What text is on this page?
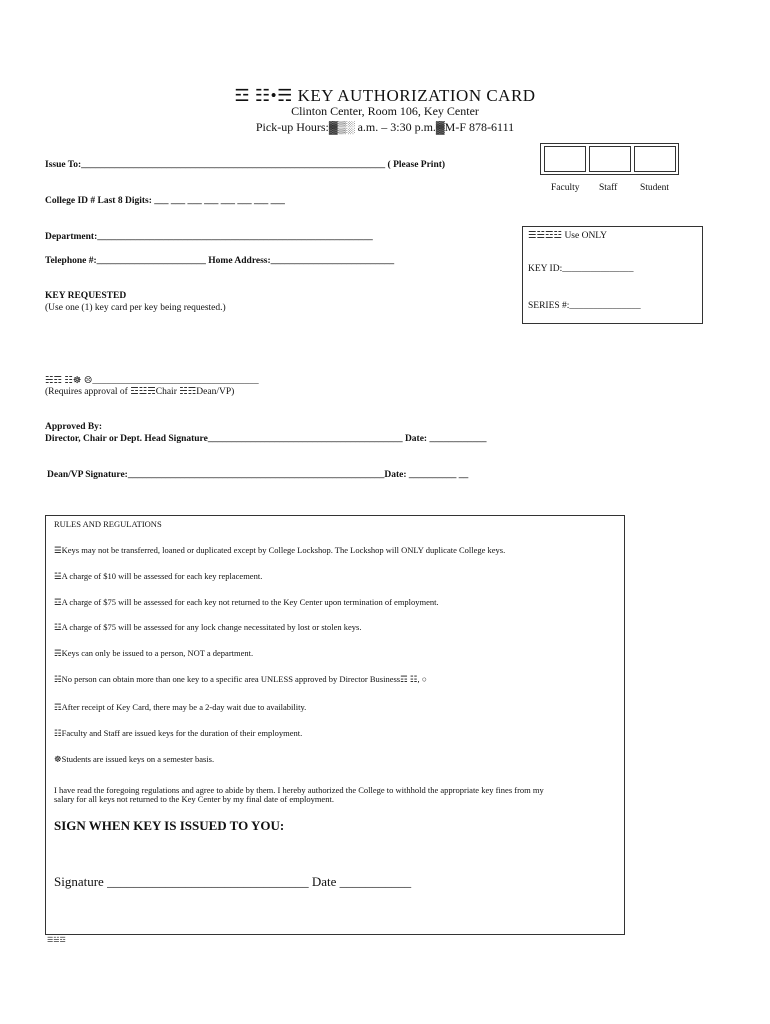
☲ ☷•☴ KEY AUTHORIZATION CARD
Clinton Center, Room 106, Key Center
Pick-up Hours:▓▒░ a.m. – 3:30 p.m.▓M-F 878-6111
Faculty Staff Student
Issue To:________________________________________________________________ ( Please Print)
College ID # Last 8 Digits: ___ ___ ___ ___ ___ ___ ___ ___
Department:__________________________________________________________
Telephone #:_______________________ Home Address:__________________________
KEY REQUESTED
(Use one (1) key card per key being requested.)
☰☱☲☳ Use ONLY
KEY ID:_______________
SERIES #:_______________
☵☶ ☷☸ ☹___________________________________
(Requires approval of ☲☳☴Chair ☵☶Dean/VP)
Approved By:
Director, Chair or Dept. Head Signature_________________________________________ Date: ____________
Dean/VP Signature:______________________________________________________Date: __________ __
RULES AND REGULATIONS
☰Keys may not be transferred, loaned or duplicated except by College Lockshop. The Lockshop will ONLY duplicate College keys.
☱A charge of $10 will be assessed for each key replacement.
☲A charge of $75 will be assessed for each key not returned to the Key Center upon termination of employment.
☳A charge of $75 will be assessed for any lock change necessitated by lost or stolen keys.
☴Keys can only be issued to a person, NOT a department.
☵No person can obtain more than one key to a specific area UNLESS approved by Director Business☶ ☷, ○
☶After receipt of Key Card, there may be a 2-day wait due to availability.
☷Faculty and Staff are issued keys for the duration of their employment.
☸Students are issued keys on a semester basis.
I have read the foregoing regulations and agree to abide by them. I hereby authorized the College to withhold the appropriate key fines from my
salary for all keys not returned to the Key Center by my final date of employment.
SIGN WHEN KEY IS ISSUED TO YOU:
Signature _______________________________ Date ___________
☰☱☲
